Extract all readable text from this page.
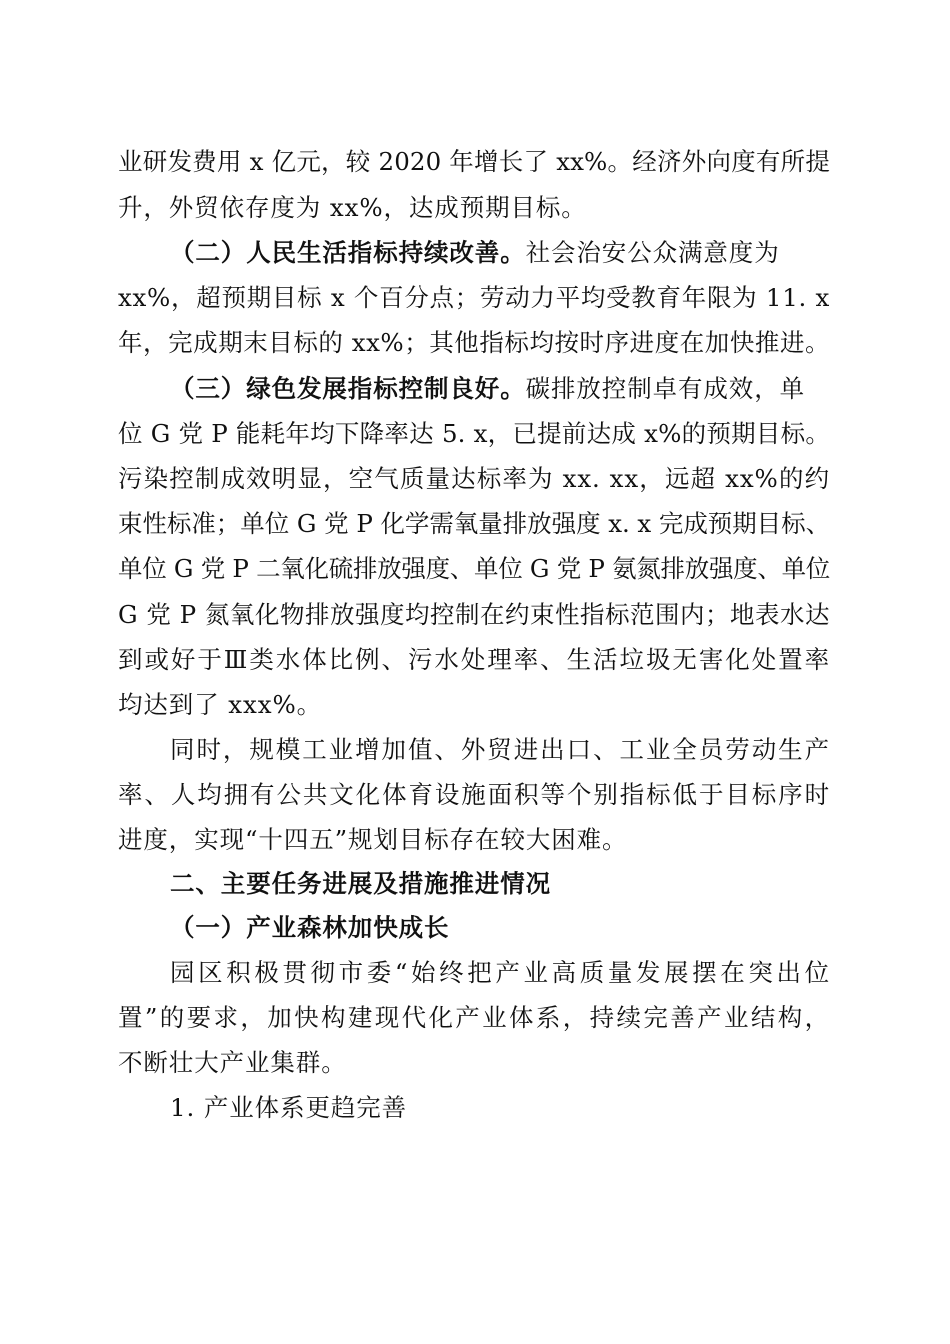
业研发费用 x 亿元，较 2020 年增长了 xx%。经济外向度有所提
升，外贸依存度为 xx%，达成预期目标。
（二）人民生活指标持续改善。社会治安公众满意度为
xx%，超预期目标 x 个百分点；劳动力平均受教育年限为 11. x
年，完成期末目标的 xx%；其他指标均按时序进度在加快推进。
（三）绿色发展指标控制良好。碳排放控制卓有成效，单
位 G 党 P 能耗年均下降率达 5. x，已提前达成 x%的预期目标。
污染控制成效明显，空气质量达标率为 xx. xx，远超 xx%的约
束性标准；单位 G 党 P 化学需氧量排放强度 x. x 完成预期目标、
单位 G 党 P 二氧化硫排放强度、单位 G 党 P 氨氮排放强度、单位
G 党 P 氮氧化物排放强度均控制在约束性指标范围内；地表水达
到或好于Ⅲ类水体比例、污水处理率、生活垃圾无害化处置率
均达到了 xxx%。
同时，规模工业增加值、外贸进出口、工业全员劳动生产
率、人均拥有公共文化体育设施面积等个别指标低于目标序时
进度，实现“十四五”规划目标存在较大困难。
二、主要任务进展及措施推进情况
（一）产业森林加快成长
园区积极贯彻市委“始终把产业高质量发展摆在突出位
置”的要求，加快构建现代化产业体系，持续完善产业结构，
不断壮大产业集群。
1. 产业体系更趋完善
